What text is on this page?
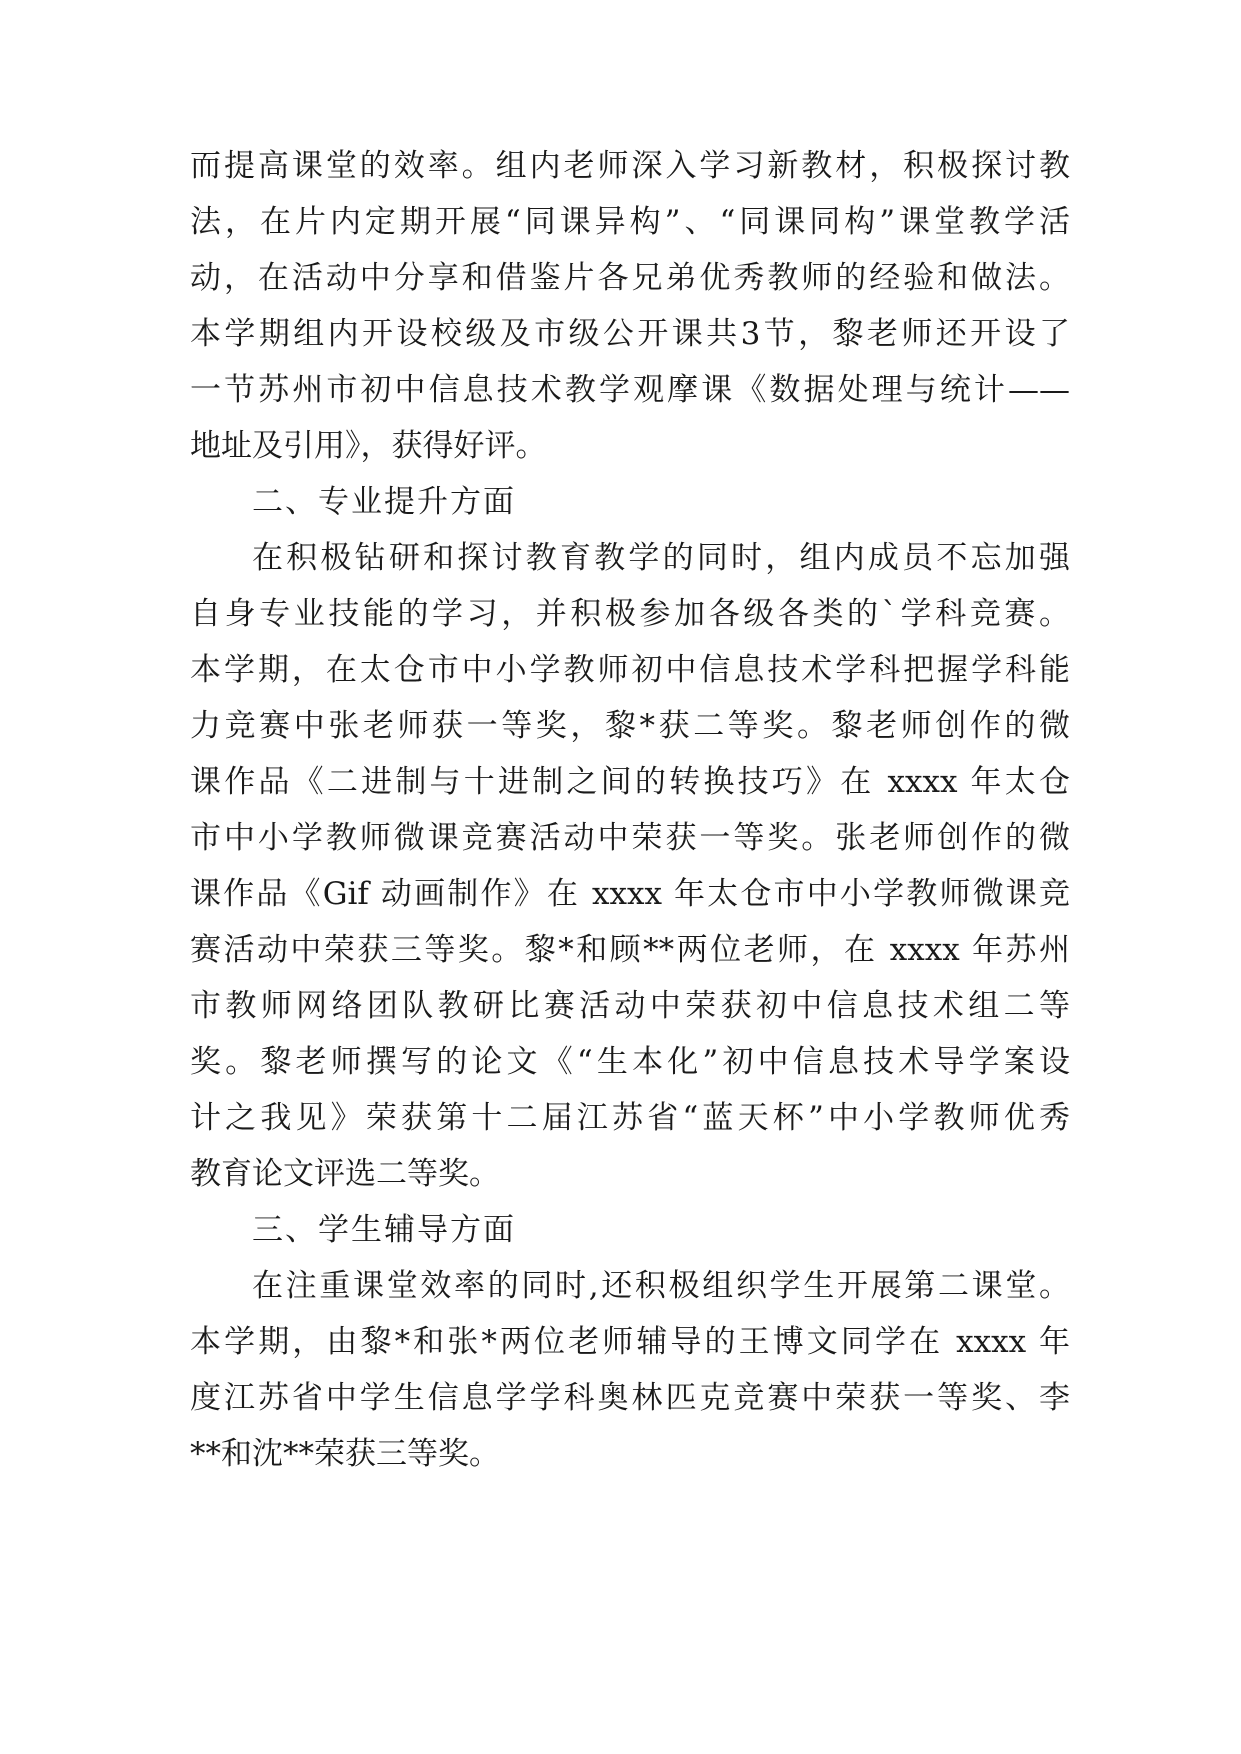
而提高课堂的效率。组内老师深入学习新教材，积极探讨教
法，在片内定期开展“同课异构”、“同课同构”课堂教学活
动，在活动中分享和借鉴片各兄弟优秀教师的经验和做法。
本学期组内开设校级及市级公开课共3节，黎老师还开设了
一节苏州市初中信息技术教学观摩课《数据处理与统计——
地址及引用》，获得好评。
二、专业提升方面
在积极钻研和探讨教育教学的同时，组内成员不忘加强
自身专业技能的学习，并积极参加各级各类的`学科竞赛。
本学期，在太仓市中小学教师初中信息技术学科把握学科能
力竞赛中张老师获一等奖，黎*获二等奖。黎老师创作的微
课作品《二进制与十进制之间的转换技巧》在 xxxx 年太仓
市中小学教师微课竞赛活动中荣获一等奖。张老师创作的微
课作品《Gif 动画制作》在 xxxx 年太仓市中小学教师微课竞
赛活动中荣获三等奖。黎*和顾**两位老师，在 xxxx 年苏州
市教师网络团队教研比赛活动中荣获初中信息技术组二等
奖。黎老师撰写的论文《“生本化”初中信息技术导学案设
计之我见》荣获第十二届江苏省“蓝天杯”中小学教师优秀
教育论文评选二等奖。
三、学生辅导方面
在注重课堂效率的同时,还积极组织学生开展第二课堂。
本学期，由黎*和张*两位老师辅导的王博文同学在 xxxx 年
度江苏省中学生信息学学科奥林匹克竞赛中荣获一等奖、李
**和沈**荣获三等奖。
